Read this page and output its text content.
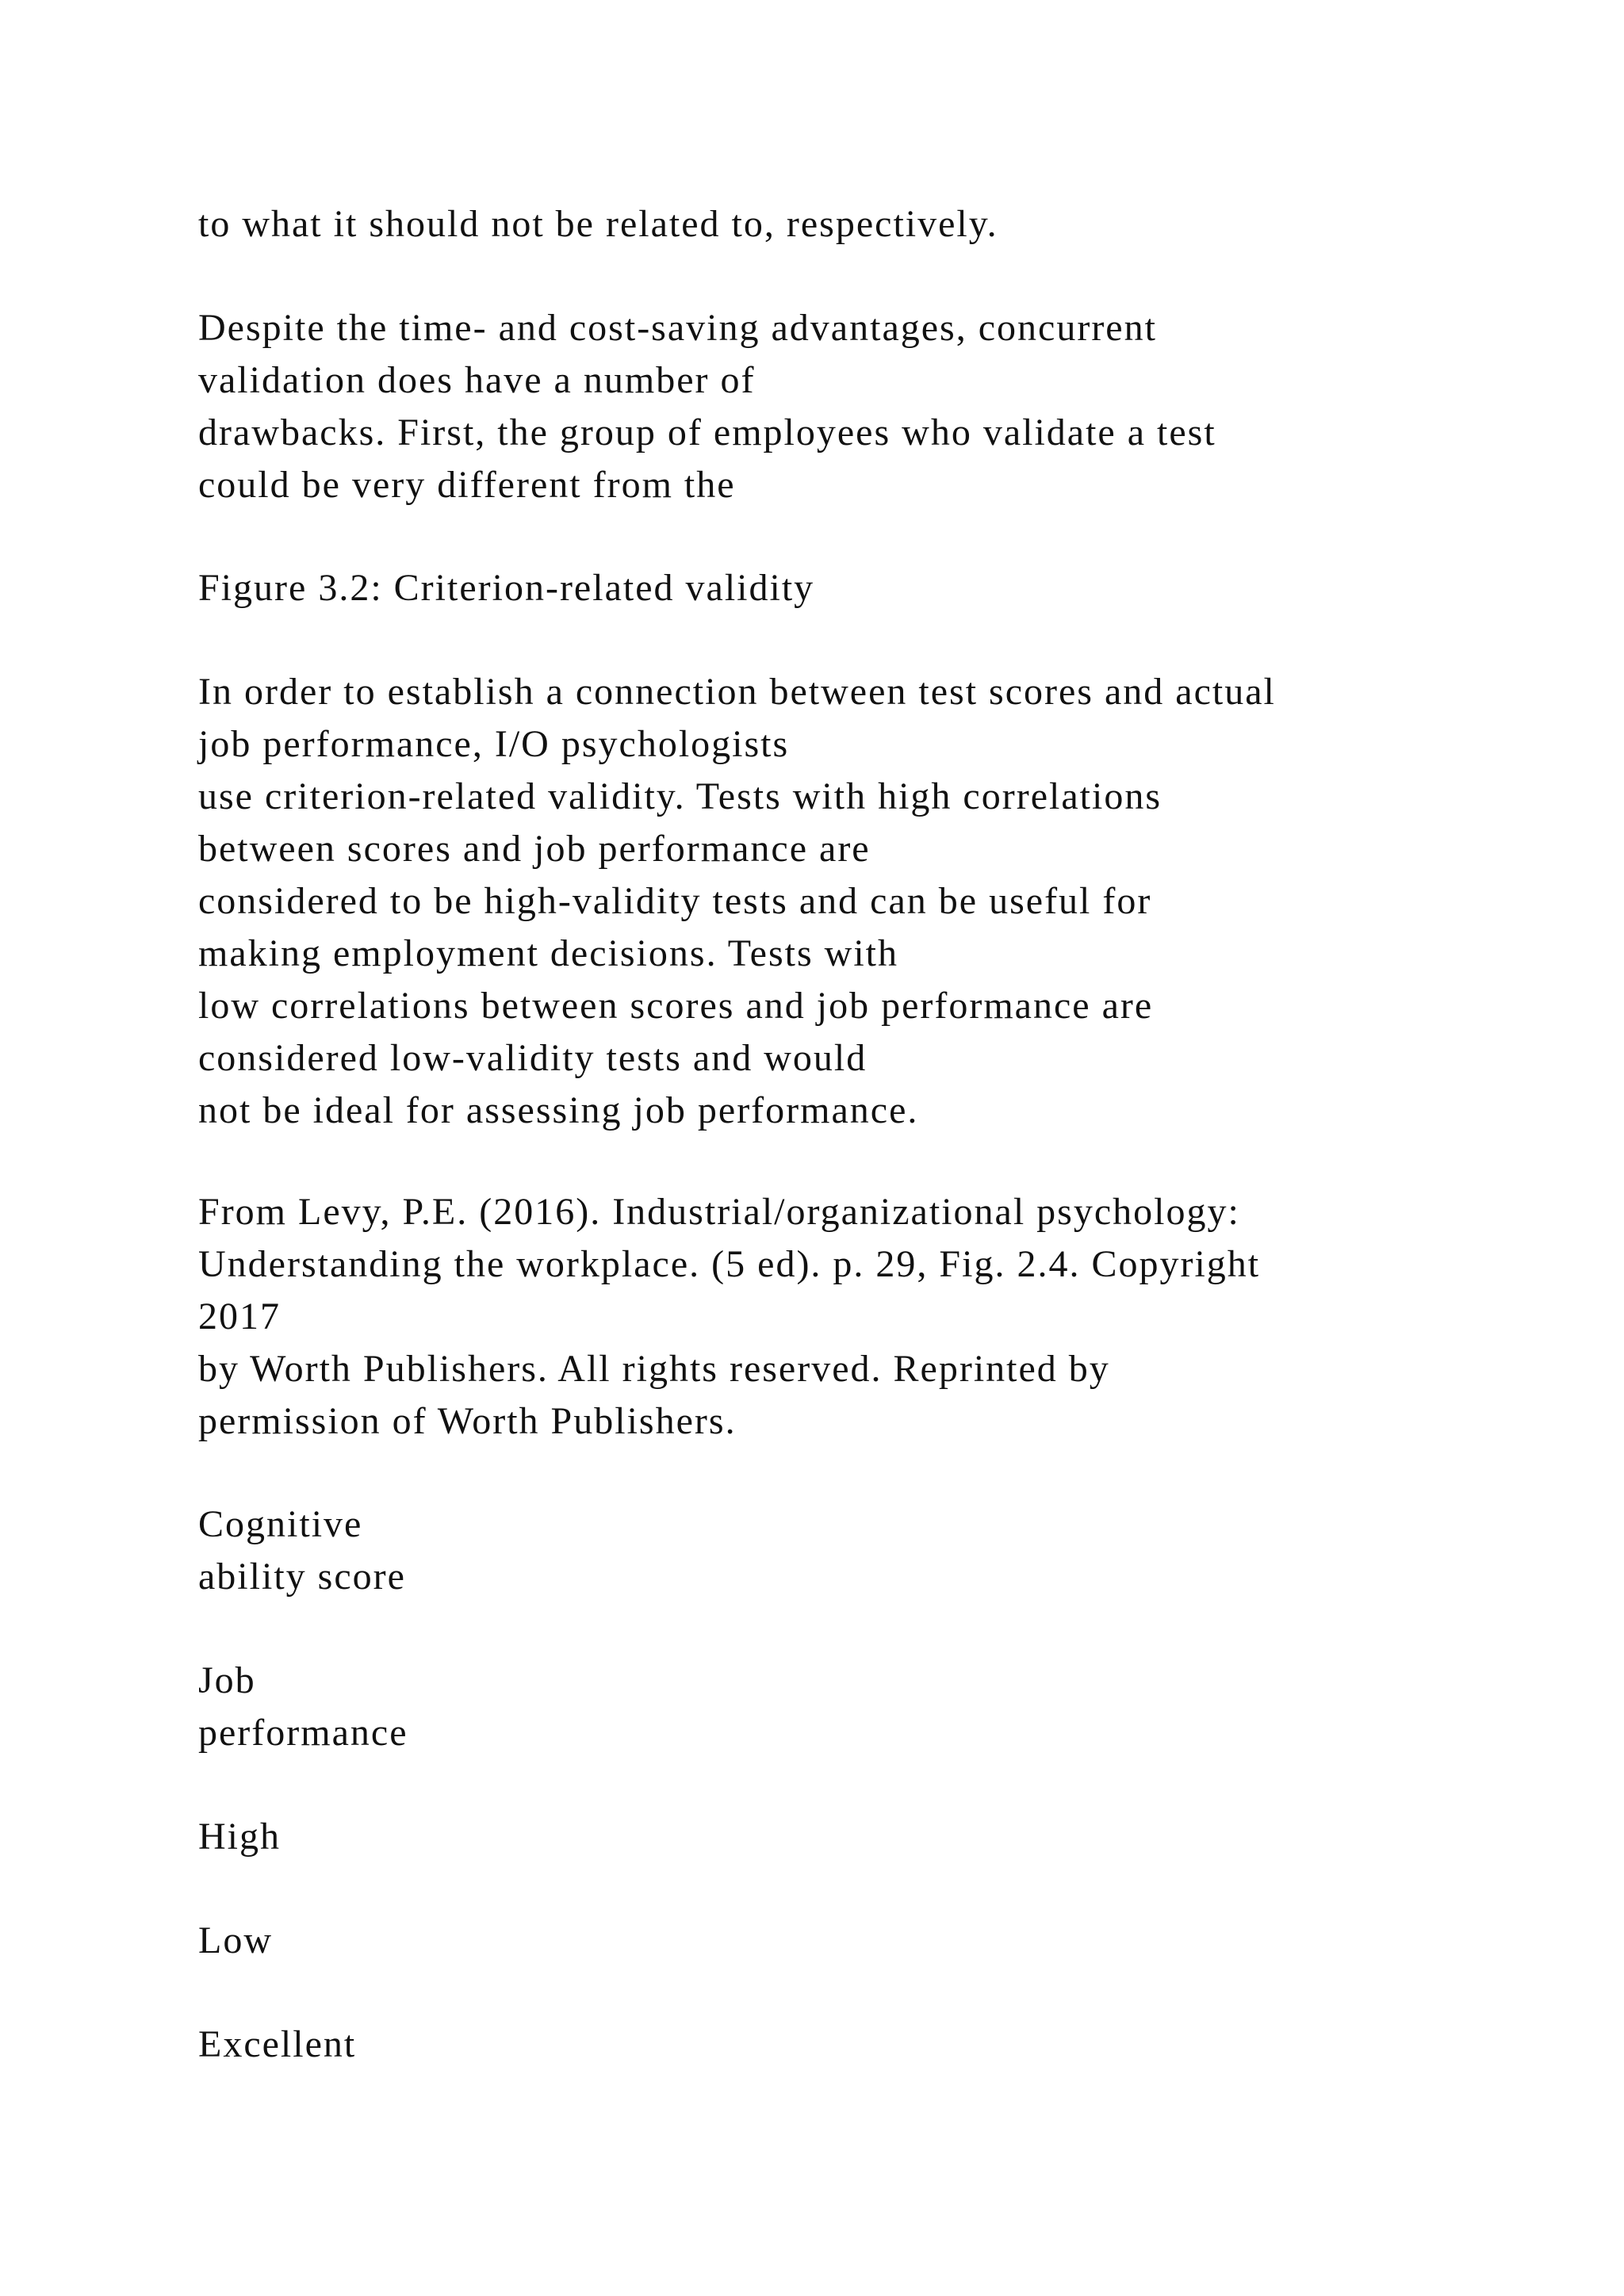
to what it should not be related to, respectively.

Despite the time- and cost-saving advantages, concurrent
validation does have a number of
drawbacks. First, the group of employees who validate a test
could be very different from the

Figure 3.2: Criterion-related validity

In order to establish a connection between test scores and actual
job performance, I/O psychologists
use criterion-related validity. Tests with high correlations
between scores and job performance are
considered to be high-validity tests and can be useful for
making employment decisions. Tests with
low correlations between scores and job performance are
considered low-validity tests and would
not be ideal for assessing job performance.

From Levy, P.E. (2016). Industrial/organizational psychology:
Understanding the workplace. (5 ed). p. 29, Fig. 2.4. Copyright
2017
by Worth Publishers. All rights reserved. Reprinted by
permission of Worth Publishers.

Cognitive
ability score

Job
performance

High

Low

Excellent
